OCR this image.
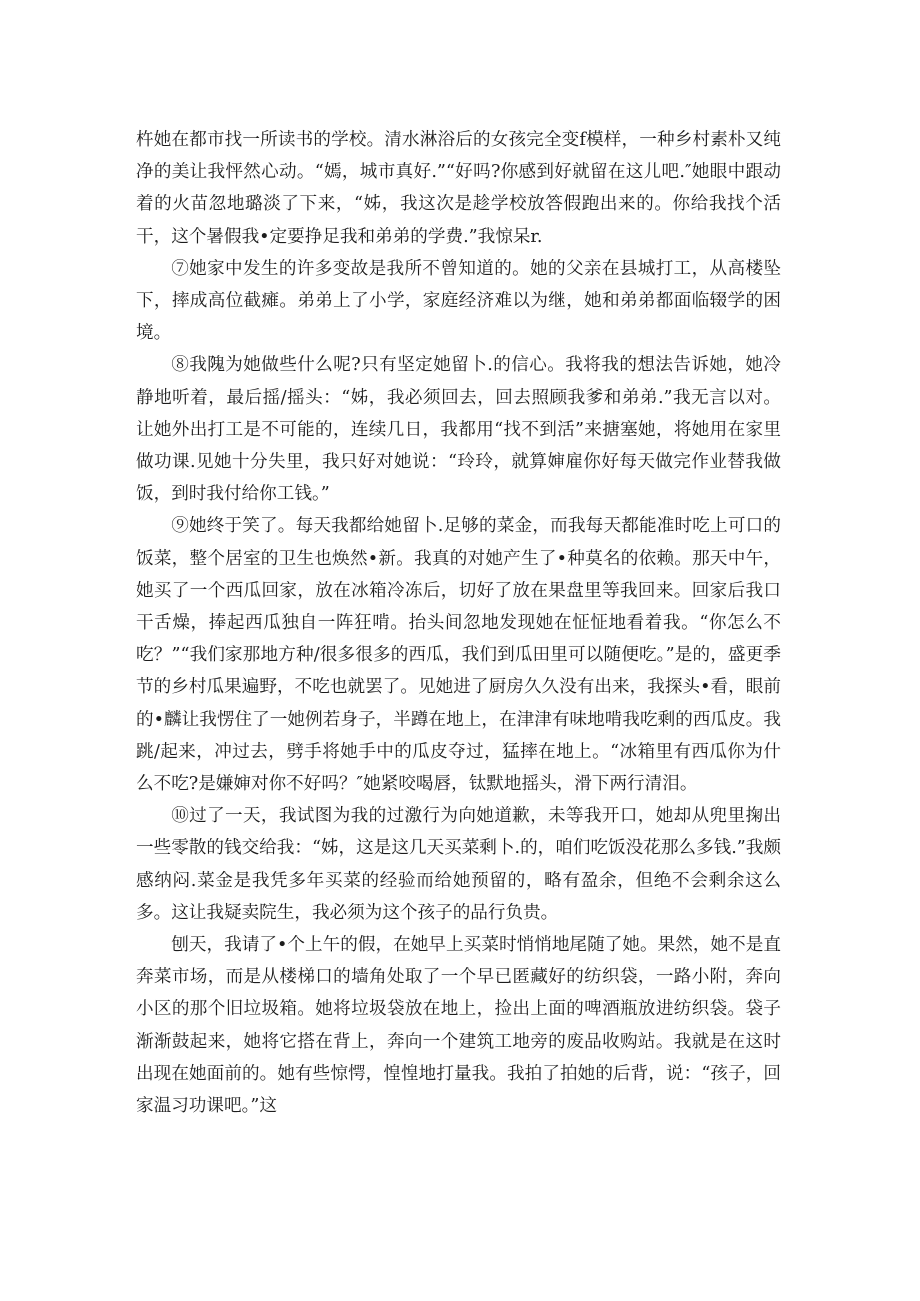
杵她在都市找一所读书的学校。清水淋浴后的女孩完全变f模样，一种乡村素朴又纯净的美让我怦然心动。“嫣，城市真好.”“好吗?你感到好就留在这儿吧.″她眼中跟动着的火苗忽地璐淡了下来，“姊，我这次是趁学校放答假跑出来的。你给我找个活干，这个暑假我•定要挣足我和弟弟的学费.”我惊呆r.

⑦她家中发生的许多变故是我所不曾知道的。她的父亲在县城打工，从高楼坠下，摔成高位截瘫。弟弟上了小学，家庭经济难以为继，她和弟弟都面临辍学的困境。

⑧我隗为她做些什么呢?只有坚定她留卜.的信心。我将我的想法告诉她，她冷静地听着，最后摇/摇头：“姊，我必须回去，回去照顾我爹和弟弟.”我无言以对。让她外出打工是不可能的，连续几日，我都用“找不到活”来搪塞她，将她用在家里做功课.见她十分失里，我只好对她说：“玲玲，就算婶雇你好每天做完作业替我做饭，到时我付给你工钱。”

⑨她终于笑了。每天我都给她留卜.足够的菜金，而我每天都能准时吃上可口的饭菜，整个居室的卫生也焕然•新。我真的对她产生了•种莫名的依赖。那天中午，她买了一个西瓜回家，放在冰箱冷冻后，切好了放在果盘里等我回来。回家后我口干舌燥，捧起西瓜独自一阵狂啃。抬头间忽地发现她在怔怔地看着我。“你怎么不吃？”“我们家那地方种/很多很多的西瓜，我们到瓜田里可以随便吃。”是的，盛更季节的乡村瓜果遍野，不吃也就罢了。见她进了厨房久久没有出来，我探头•看，眼前的•麟让我愣住了一她例若身子，半蹲在地上，在津津有味地啃我吃剩的西瓜皮。我跳/起来，冲过去，劈手将她手中的瓜皮夺过，猛摔在地上。“冰箱里有西瓜你为什么不吃?是嫌婶对你不好吗？″她紧咬喝唇，钛默地摇头，滑下两行清泪。

⑩过了一天，我试图为我的过激行为向她道歉，未等我开口，她却从兜里掬出一些零散的钱交给我：“姊，这是这几天买菜剩卜.的，咱们吃饭没花那么多钱.”我颇感纳闷.菜金是我凭多年买菜的经验而给她预留的，略有盈余，但绝不会剩余这么多。这让我疑卖院生，我必须为这个孩子的品行负贵。

刨天，我请了•个上午的假，在她早上买菜时悄悄地尾随了她。果然，她不是直奔菜市场，而是从楼梯口的墙角处取了一个早已匿藏好的纺织袋，一路小附，奔向小区的那个旧垃圾箱。她将垃圾袋放在地上，捡出上面的啤酒瓶放进纺织袋。袋子渐渐鼓起来，她将它搭在背上，奔向一个建筑工地旁的废品收购站。我就是在这时出现在她面前的。她有些惊愕，惶惶地打量我。我拍了拍她的后背，说：“孩子，回家温习功课吧。”这
